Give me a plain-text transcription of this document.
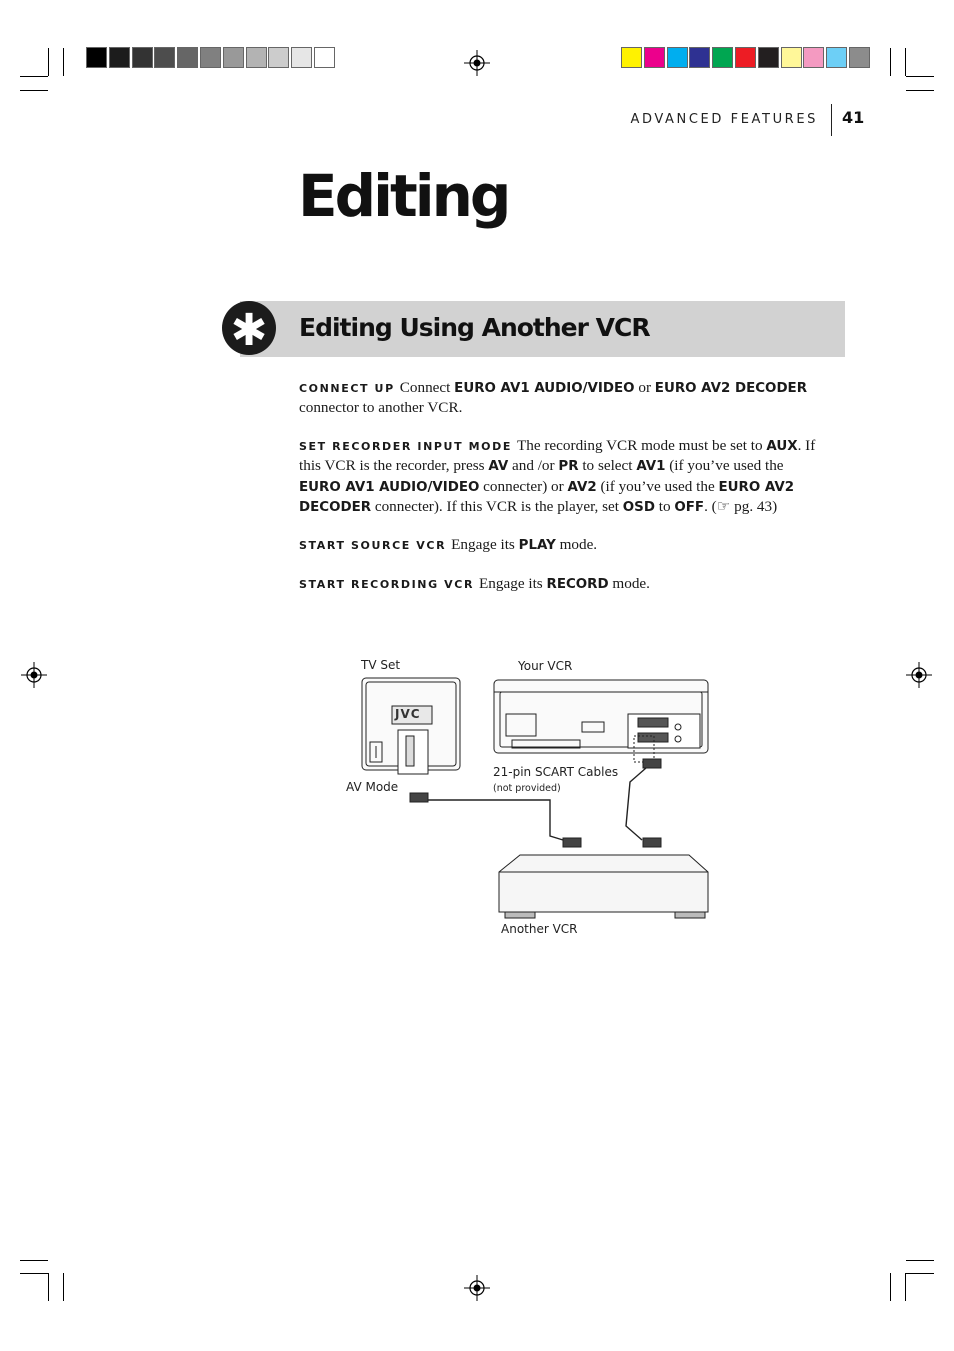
ADVANCED FEATURES 41
Editing
✱	Editing Using Another VCR

CONNECT UP Connect EURO AV1 AUDIO/VIDEO or EURO AV2 DECODER connector to another VCR.

SET RECORDER INPUT MODE The recording VCR mode must be set to AUX. If this VCR is the recorder, press AV and /or PR to select AV1 (if you’ve used the EURO AV1 AUDIO/VIDEO connecter) or AV2 (if you’ve used the EURO AV2 DECODER connecter). If this VCR is the player, set OSD to OFF. (☞ pg. 43)

START SOURCE VCR Engage its PLAY mode.

START RECORDING VCR Engage its RECORD mode.

TV Set	Your VCR
AV Mode
21-pin SCART Cables
(not provided)
Another VCR
JVC
